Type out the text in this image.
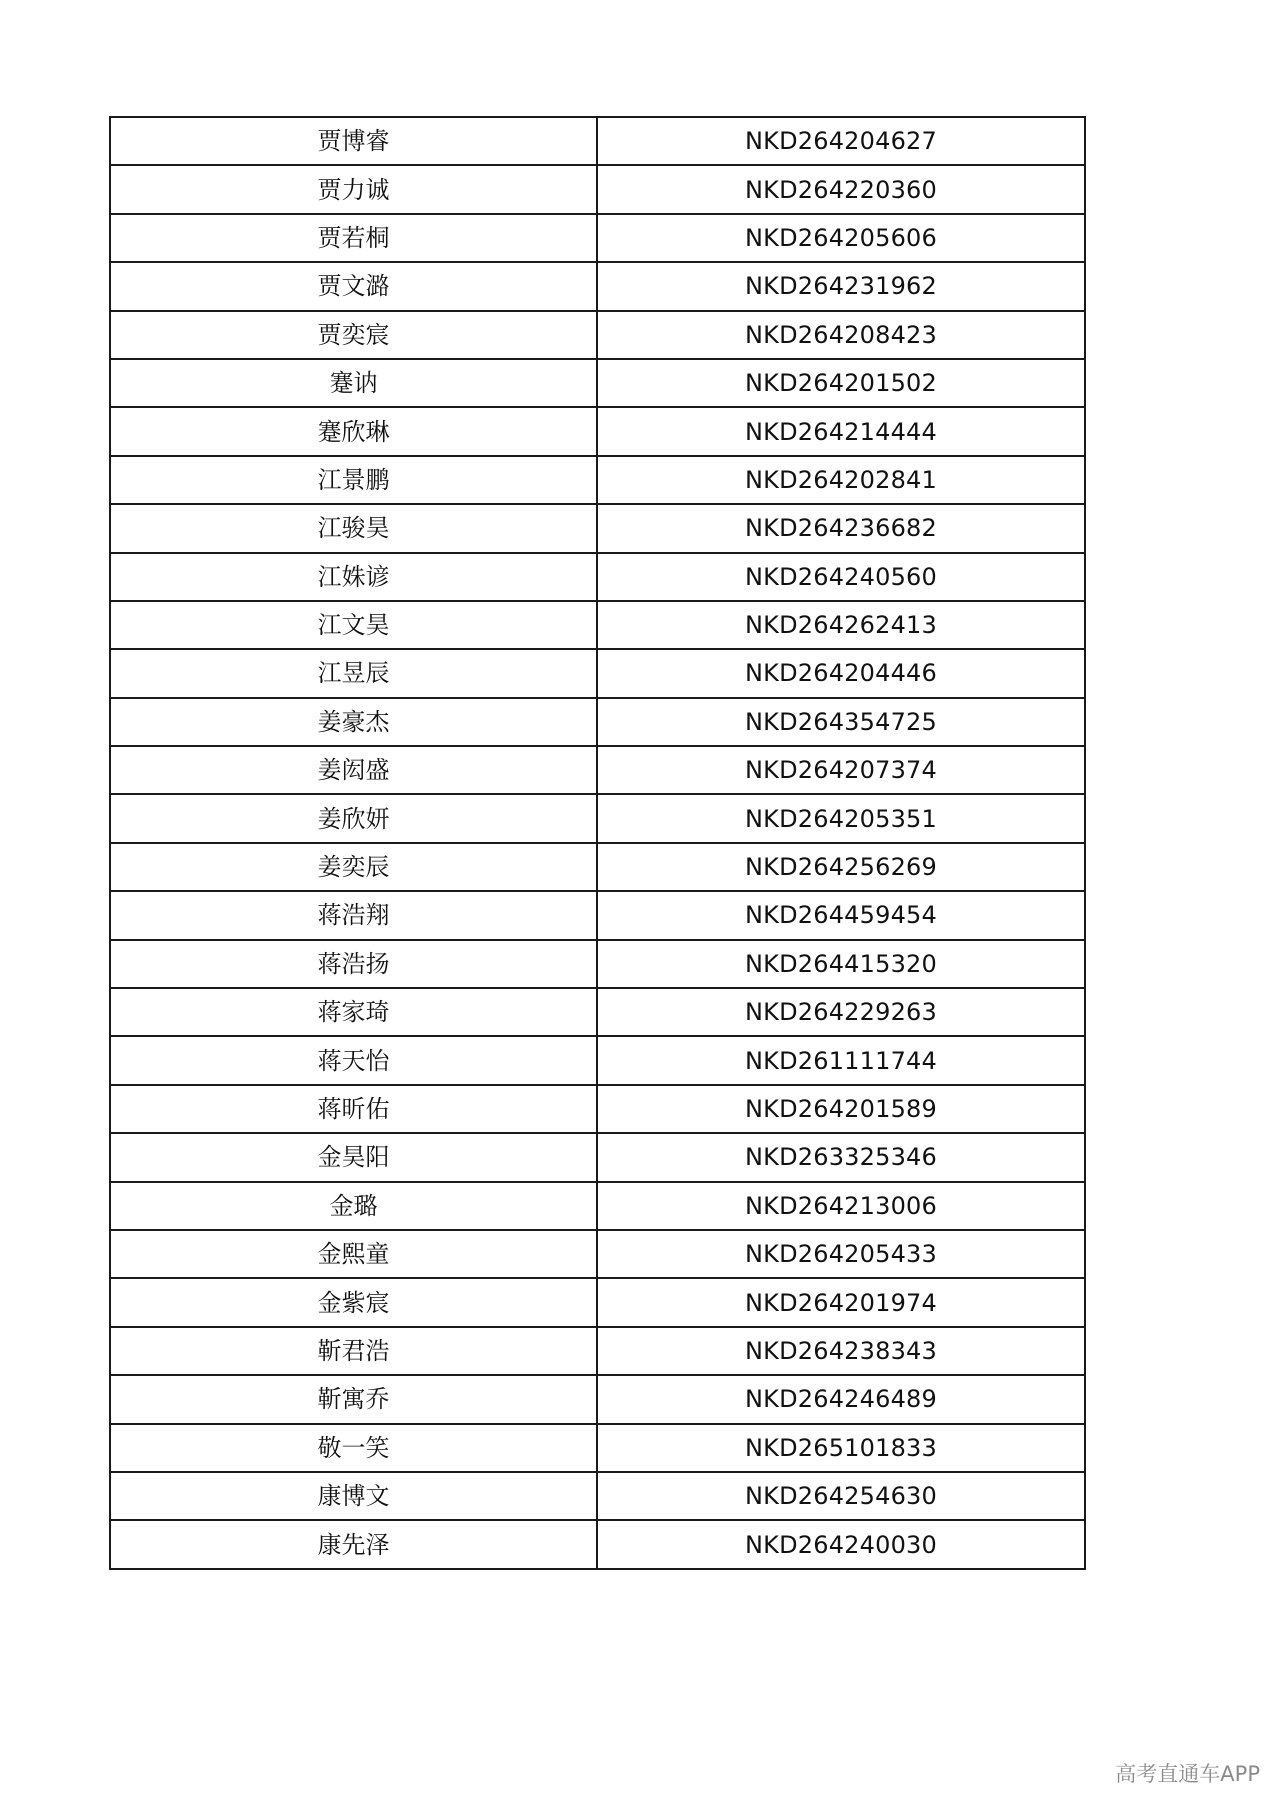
贾博睿	NKD264204627
贾力诚	NKD264220360
贾若桐	NKD264205606
贾文潞	NKD264231962
贾奕宸	NKD264208423
蹇讷	NKD264201502
蹇欣琳	NKD264214444
江景鹏	NKD264202841
江骏昊	NKD264236682
江姝谚	NKD264240560
江文昊	NKD264262413
江昱辰	NKD264204446
姜豪杰	NKD264354725
姜闳盛	NKD264207374
姜欣妍	NKD264205351
姜奕辰	NKD264256269
蒋浩翔	NKD264459454
蒋浩扬	NKD264415320
蒋家琦	NKD264229263
蒋天怡	NKD261111744
蒋昕佑	NKD264201589
金昊阳	NKD263325346
金璐	NKD264213006
金熙童	NKD264205433
金紫宸	NKD264201974
靳君浩	NKD264238343
靳寓乔	NKD264246489
敬一笑	NKD265101833
康博文	NKD264254630
康先泽	NKD264240030
高考直通车APP
